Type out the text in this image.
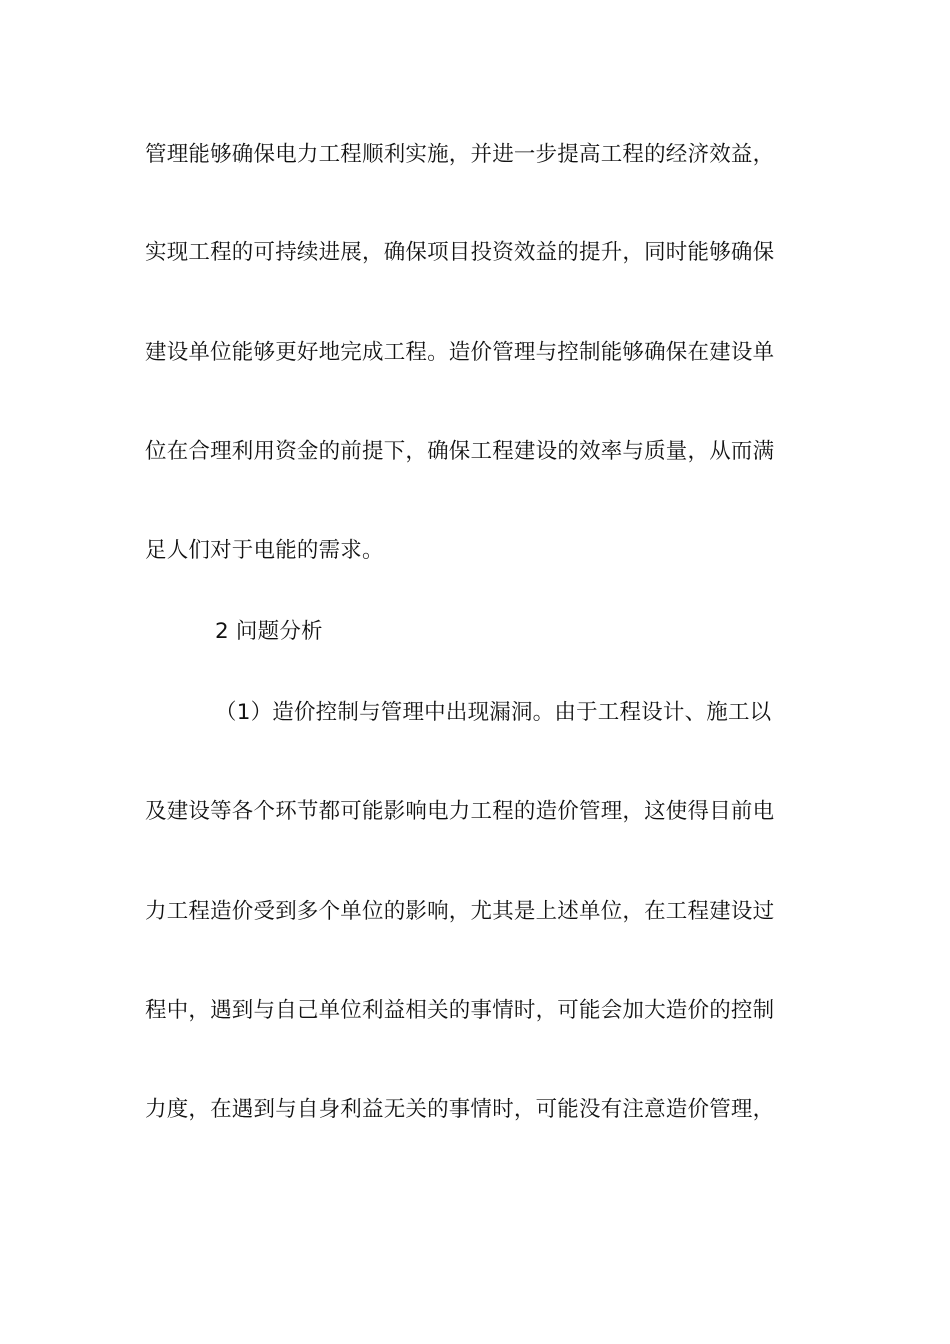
管理能够确保电力工程顺利实施，并进一步提高工程的经济效益，
实现工程的可持续进展，确保项目投资效益的提升，同时能够确保
建设单位能够更好地完成工程。造价管理与控制能够确保在建设单
位在合理利用资金的前提下，确保工程建设的效率与质量，从而满
足人们对于电能的需求。
2 问题分析
（1）造价控制与管理中出现漏洞。由于工程设计、施工以
及建设等各个环节都可能影响电力工程的造价管理，这使得目前电
力工程造价受到多个单位的影响，尤其是上述单位，在工程建设过
程中，遇到与自己单位利益相关的事情时，可能会加大造价的控制
力度，在遇到与自身利益无关的事情时，可能没有注意造价管理，
